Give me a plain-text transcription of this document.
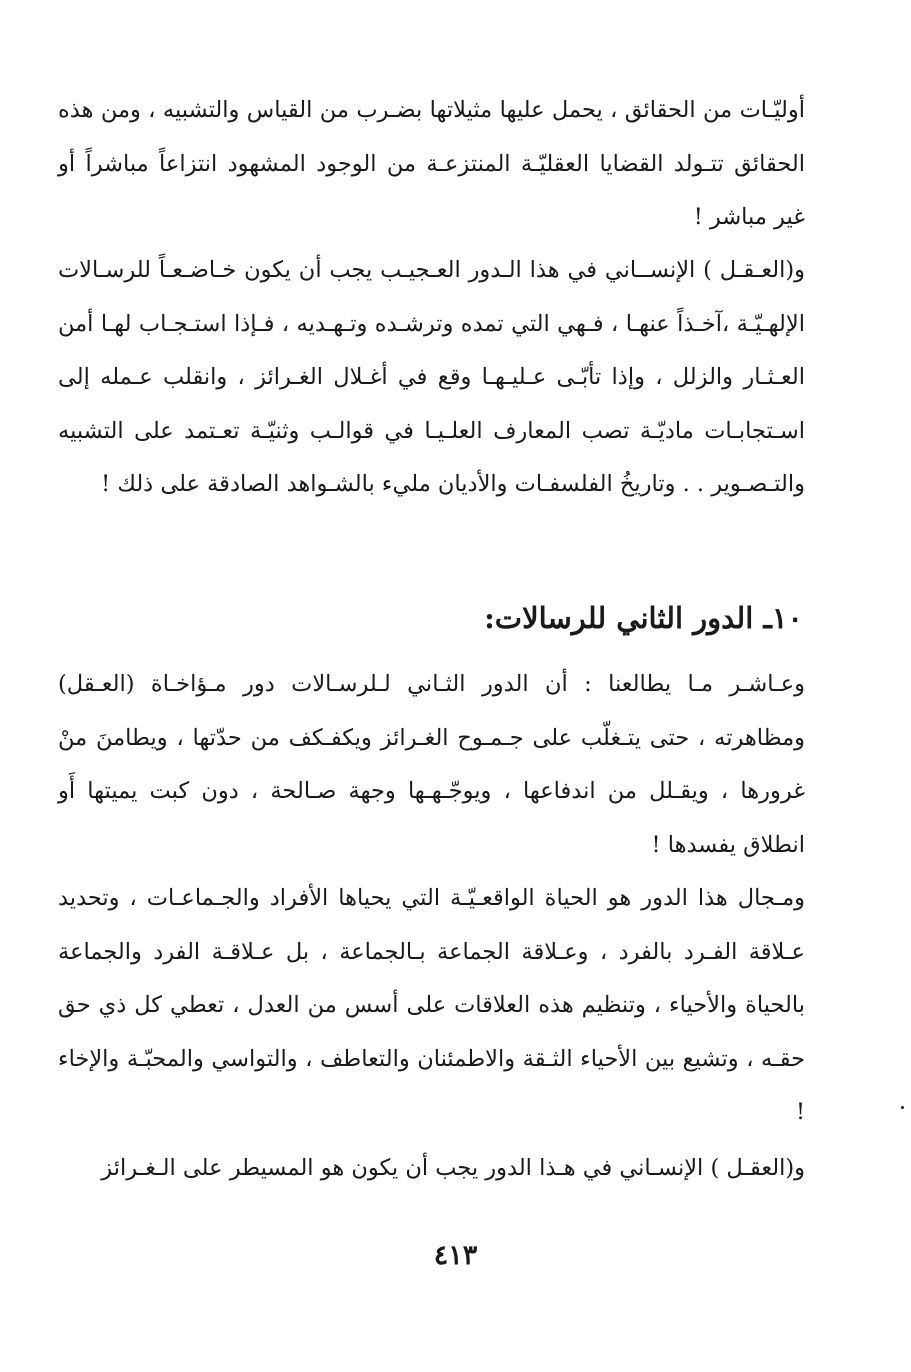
أوليّـات من الحقائق ، يحمل عليها مثيلاتها بضـرب من القياس والتشبيه ، ومن هذه الحقائق تتـولد القضايا العقليّـة المنتزعـة من الوجود المشهود انتزاعاً مباشراً أو غير مباشر !

و(العـقـل ) الإنســاني في هذا الـدور العـجيـب يجب أن يكون خـاضـعـاً للرسـالات الإلهـيّـة ،آخـذاً عنهـا ، فـهي التي تمده وترشـده وتـهـديه ، فـإذا استـجـاب لهـا أمن العـثـار والزلل ، وإذا تأبّـى عـليـهـا وقع في أغـلال الغـرائز ، وانقلب عـمله إلى اسـتجابـات ماديّـة تصب المعارف العلـيـا في قوالـب وثنيّـة تعـتمد على التشبيه والتـصـوير . . وتاريخُ الفلسفـات والأديان مليء بالشـواهد الصادقة على ذلك !

١٠ـ الدور الثاني للرسالات:

وعـاشـر مـا يطالعنا : أن الدور الثـاني لـلرسـالات دور مـؤاخـاة (العـقل) ومظاهرته ، حتى يتـغلّب على جـمـوح الغـرائز ويكفـكف من حدّتها ، ويطامنَ منْ غرورها ، ويقـلل من اندفاعها ، ويوجّـهـها وجهة صـالحة ، دون كبت يميتها أَو انطلاق يفسدها !

ومـجال هذا الدور هو الحياة الواقعـيّـة التي يحياها الأفراد والجـماعـات ، وتحديد عـلاقة الفـرد بالفرد ، وعـلاقة الجماعة بـالجماعة ، بل عـلاقـة الفرد والجماعة بالحياة والأحياء ، وتنظيم هذه العلاقات على أسس من العدل ، تعطي كل ذي حق حقـه ، وتشيع بين الأحياء الثـقة والاطمئنان والتعاطف ، والتواسي والمحبّـة والإخاء !

و(العقـل ) الإنسـاني في هـذا الدور يجب أن يكون هو المسيطر على الـغـرائز

٤١٣
